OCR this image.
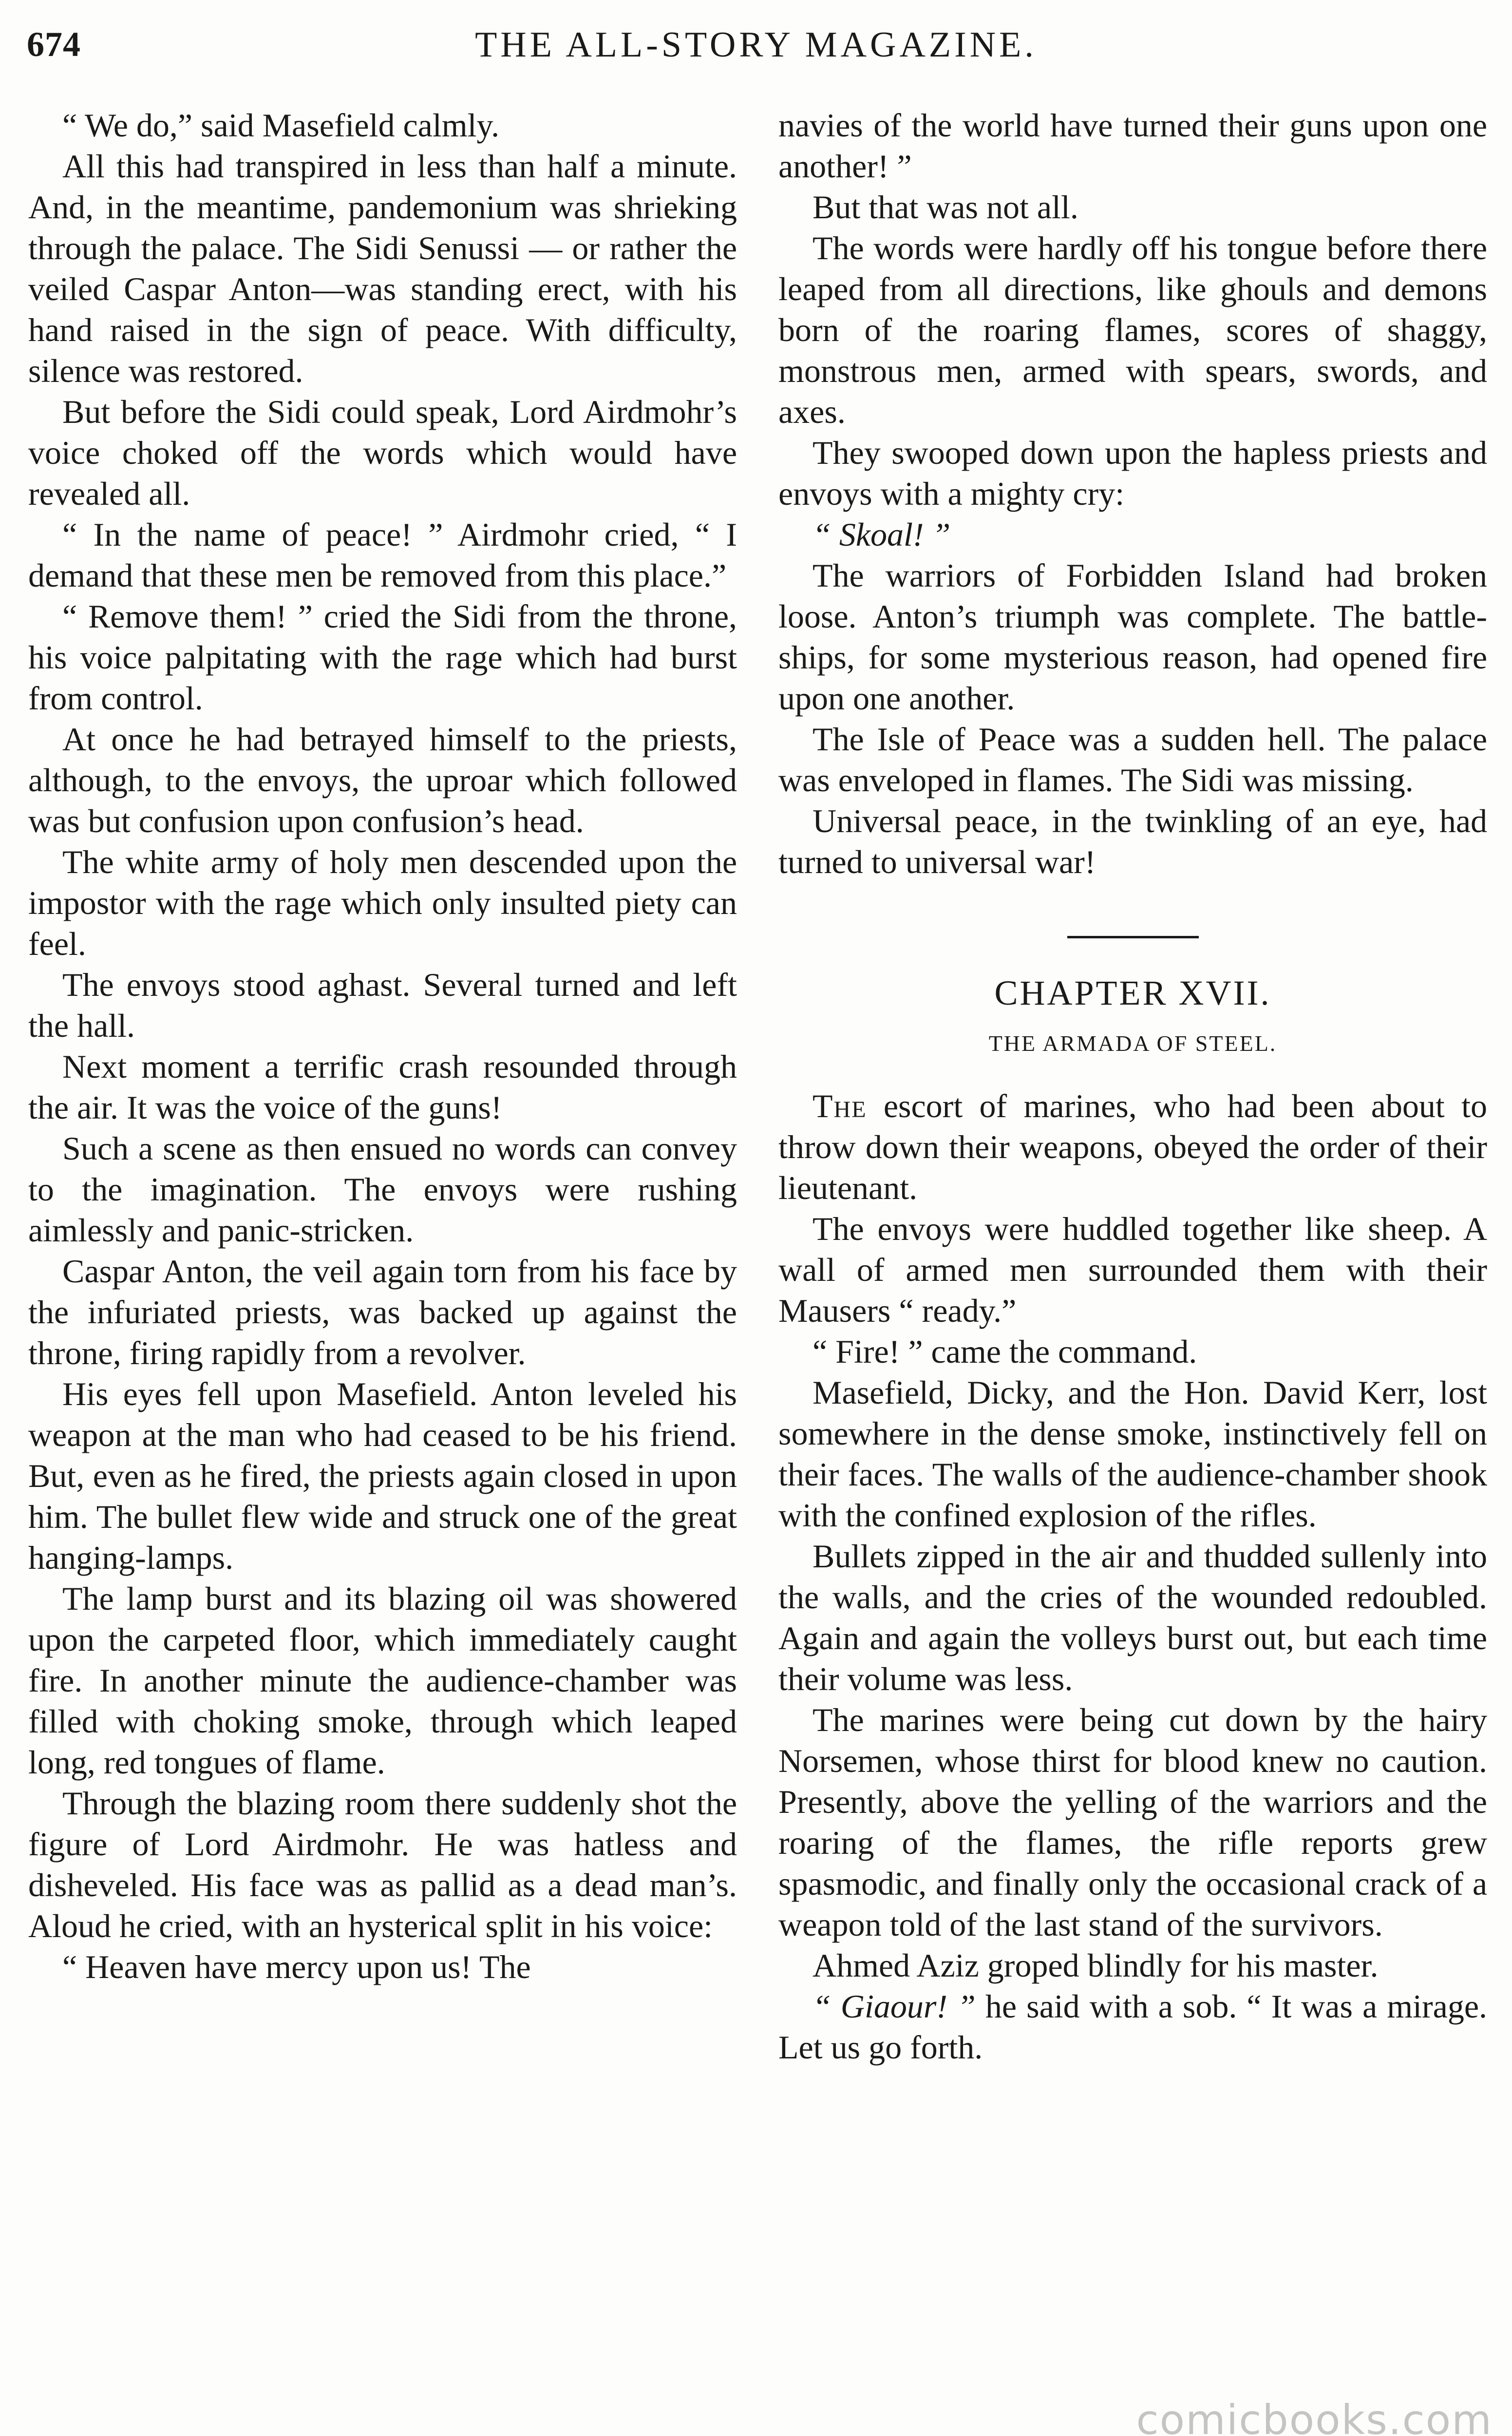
674	THE ALL-STORY MAGAZINE.

“ We do,” said Masefield calmly.

All this had transpired in less than half a minute. And, in the meantime, pandemonium was shrieking through the palace. The Sidi Senussi — or rather the veiled Caspar Anton—was standing erect, with his hand raised in the sign of peace. With difficulty, silence was restored.

But before the Sidi could speak, Lord Airdmohr’s voice choked off the words which would have revealed all.

“ In the name of peace! ” Airdmohr cried, “ I demand that these men be removed from this place.”

“ Remove them! ” cried the Sidi from the throne, his voice palpitating with the rage which had burst from control.

At once he had betrayed himself to the priests, although, to the envoys, the uproar which followed was but confusion upon confusion’s head.

The white army of holy men descended upon the impostor with the rage which only insulted piety can feel.

The envoys stood aghast. Several turned and left the hall.

Next moment a terrific crash resounded through the air. It was the voice of the guns!

Such a scene as then ensued no words can convey to the imagination. The envoys were rushing aimlessly and panic-stricken.

Caspar Anton, the veil again torn from his face by the infuriated priests, was backed up against the throne, firing rapidly from a revolver.

His eyes fell upon Masefield. Anton leveled his weapon at the man who had ceased to be his friend. But, even as he fired, the priests again closed in upon him. The bullet flew wide and struck one of the great hanging-lamps.

The lamp burst and its blazing oil was showered upon the carpeted floor, which immediately caught fire. In another minute the audience-chamber was filled with choking smoke, through which leaped long, red tongues of flame.

Through the blazing room there suddenly shot the figure of Lord Airdmohr. He was hatless and disheveled. His face was as pallid as a dead man’s. Aloud he cried, with an hysterical split in his voice:

“ Heaven have mercy upon us! The

navies of the world have turned their guns upon one another! ”

But that was not all.

The words were hardly off his tongue before there leaped from all directions, like ghouls and demons born of the roaring flames, scores of shaggy, monstrous men, armed with spears, swords, and axes.

They swooped down upon the hapless priests and envoys with a mighty cry:

“ Skoal! ”

The warriors of Forbidden Island had broken loose. Anton’s triumph was complete. The battle-ships, for some mysterious reason, had opened fire upon one another.

The Isle of Peace was a sudden hell. The palace was enveloped in flames. The Sidi was missing.

Universal peace, in the twinkling of an eye, had turned to universal war!

CHAPTER XVII.
THE ARMADA OF STEEL.

The escort of marines, who had been about to throw down their weapons, obeyed the order of their lieutenant.

The envoys were huddled together like sheep. A wall of armed men surrounded them with their Mausers “ ready.”

“ Fire! ” came the command.

Masefield, Dicky, and the Hon. David Kerr, lost somewhere in the dense smoke, instinctively fell on their faces. The walls of the audience-chamber shook with the confined explosion of the rifles.

Bullets zipped in the air and thudded sullenly into the walls, and the cries of the wounded redoubled. Again and again the volleys burst out, but each time their volume was less.

The marines were being cut down by the hairy Norsemen, whose thirst for blood knew no caution. Presently, above the yelling of the warriors and the roaring of the flames, the rifle reports grew spasmodic, and finally only the occasional crack of a weapon told of the last stand of the survivors.

Ahmed Aziz groped blindly for his master.

“ Giaour! ” he said with a sob. “ It was a mirage. Let us go forth.

comicbooks.com
